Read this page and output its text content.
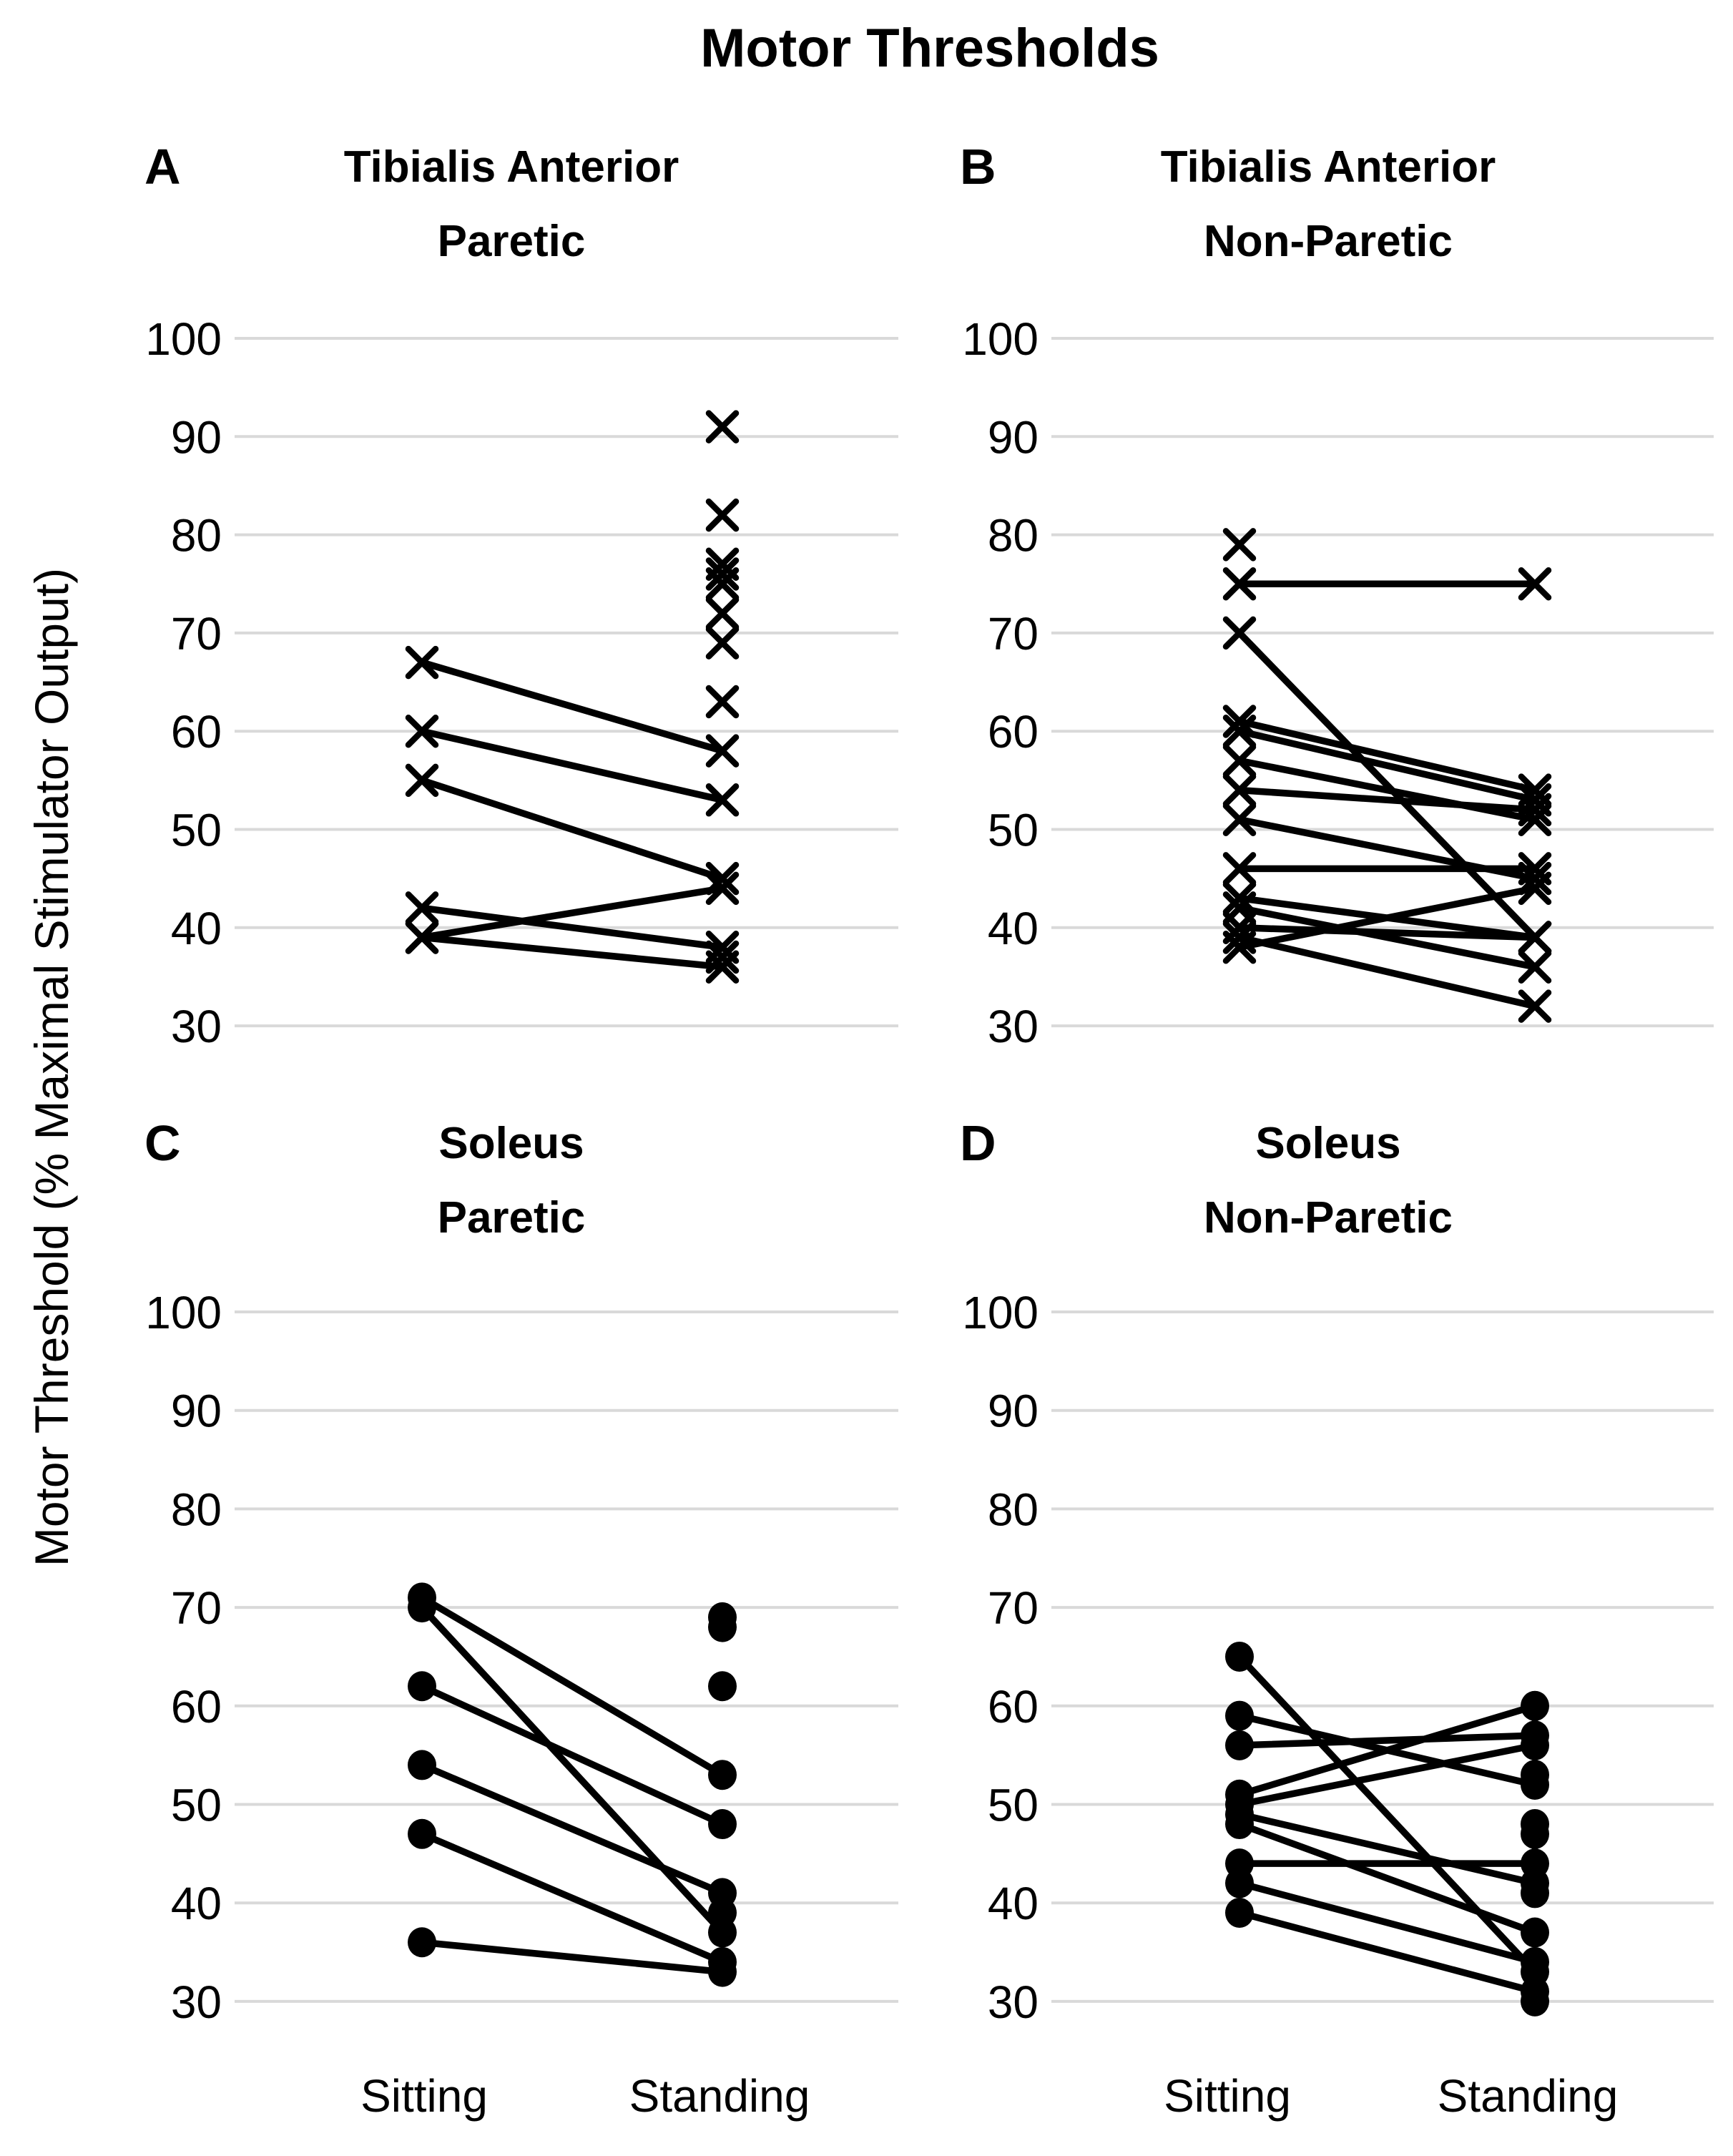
Motor Thresholds
Motor Threshold (% Maximal Stimulator Output)
A	Tibialis Anterior
Paretic
B	Tibialis Anterior
Non-Paretic
C	Soleus
Paretic
D	Soleus
Non-Paretic
100
90
80
70
60
50
40
30
100
90
80
70
60
50
40
30
100
90
80
70
60
50
40
30
100
90
80
70
60
50
40
30
Sitting	Standing	Sitting	Standing
